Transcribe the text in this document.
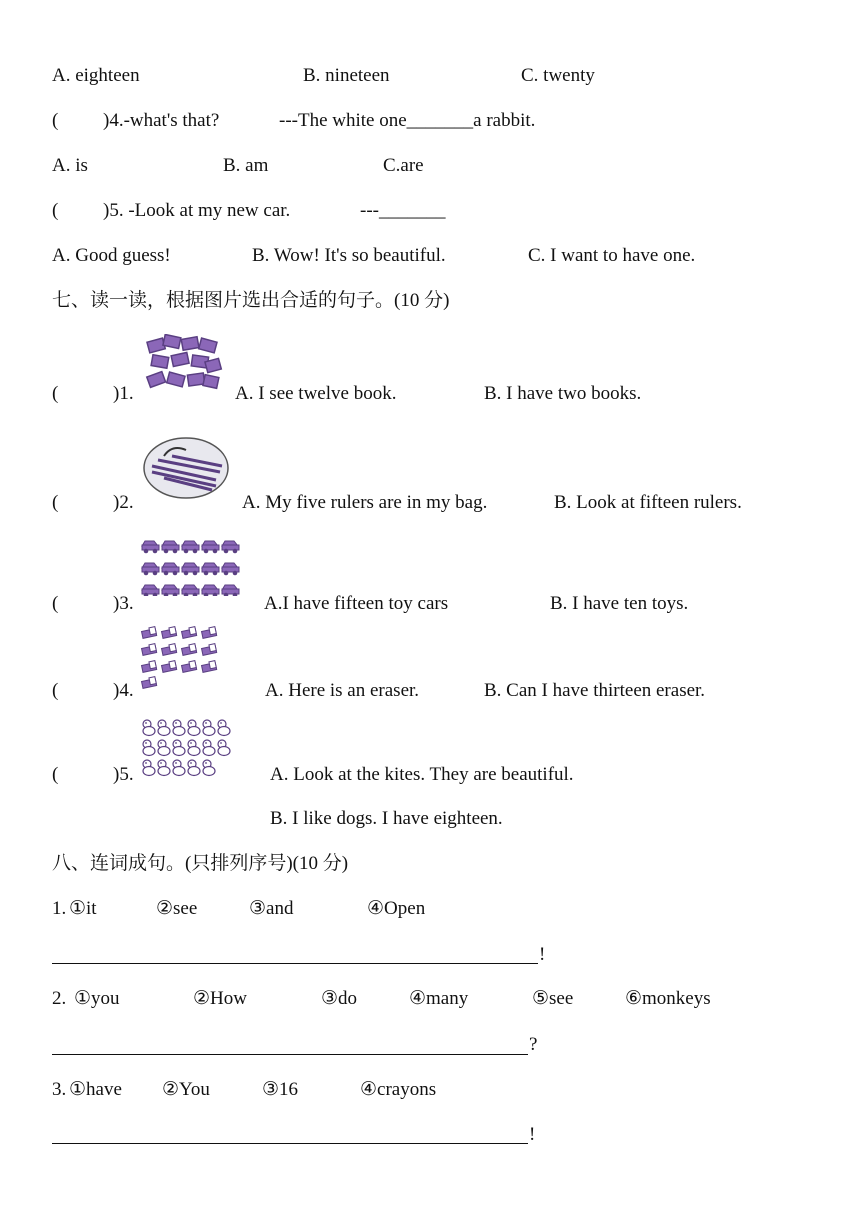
A. eighteen	B. nineteen	C. twenty
( )4.-what's that?	---The white one_______a rabbit.
A. is	B. am	C.are
( )5. -Look at my new car.	---_______
A. Good guess!	B. Wow! It's so beautiful.	C. I want to have one.
七、读一读，根据图片选出合适的句子。(10 分)
(	)1.	A. I see twelve book.	B. I have two books.
(	)2.	A. My five rulers are in my bag.	B. Look at fifteen rulers.
(	)3.	A.I have fifteen toy cars	B. I have ten toys.
(	)4.	A. Here is an eraser.	B. Can I have thirteen eraser.
(	)5.	A. Look at the kites. They are beautiful.
B. I like dogs. I have eighteen.
八、连词成句。(只排列序号)(10 分)
1. ①it	②see	③and	④Open
!
2. ①you	②How	③do	④many	⑤see	⑥monkeys
?
3. ①have ②You	③16	④crayons
!
